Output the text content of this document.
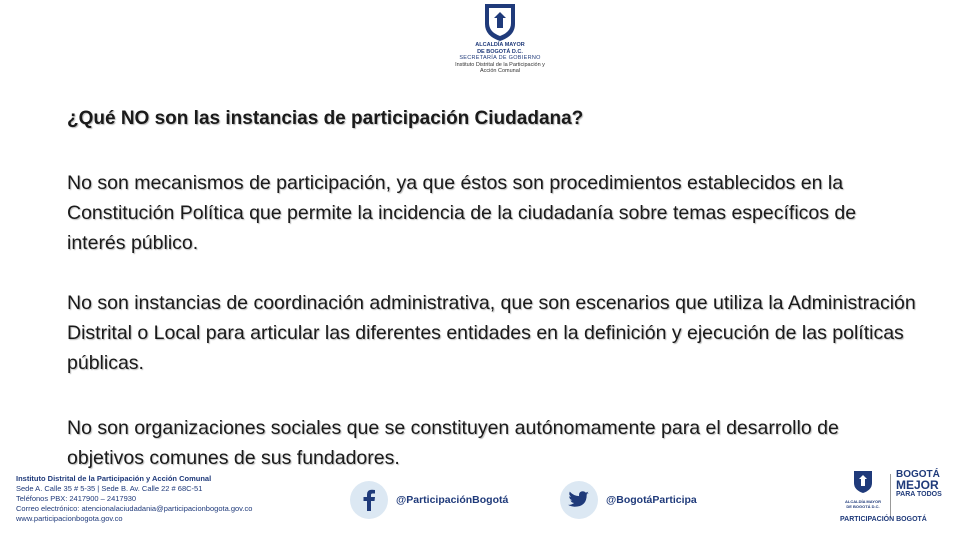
ALCALDÍA MAYOR
DE BOGOTÁ D.C.
SECRETARÍA DE GOBIERNO
Instituto Distrital de la Participación y
Acción Comunal
¿Qué NO son las instancias de participación Ciudadana?

No son mecanismos de participación, ya que éstos son procedimientos establecidos en la Constitución Política que permite la incidencia de la ciudadanía sobre temas específicos de interés público.

No son instancias de coordinación administrativa, que son escenarios que utiliza la Administración Distrital o Local para articular las diferentes entidades en la definición y ejecución de las políticas públicas.

No son organizaciones sociales que se constituyen autónomamente para el desarrollo de objetivos comunes de sus fundadores.

Instituto Distrital de la Participación y Acción Comunal
Sede A. Calle 35 # 5-35 | Sede B. Av. Calle 22 # 68C-51
Teléfonos PBX: 2417900 – 2417930
Correo electrónico: atencionalaciudadania@participacionbogota.gov.co
www.participacionbogota.gov.co
@ParticipaciónBogotá	@BogotáParticipa	ALCALDÍA MAYOR
DE BOGOTÁ D.C.
BOGOTÁ
MEJOR
PARA TODOS
PARTICIPACIÓN BOGOTÁ
